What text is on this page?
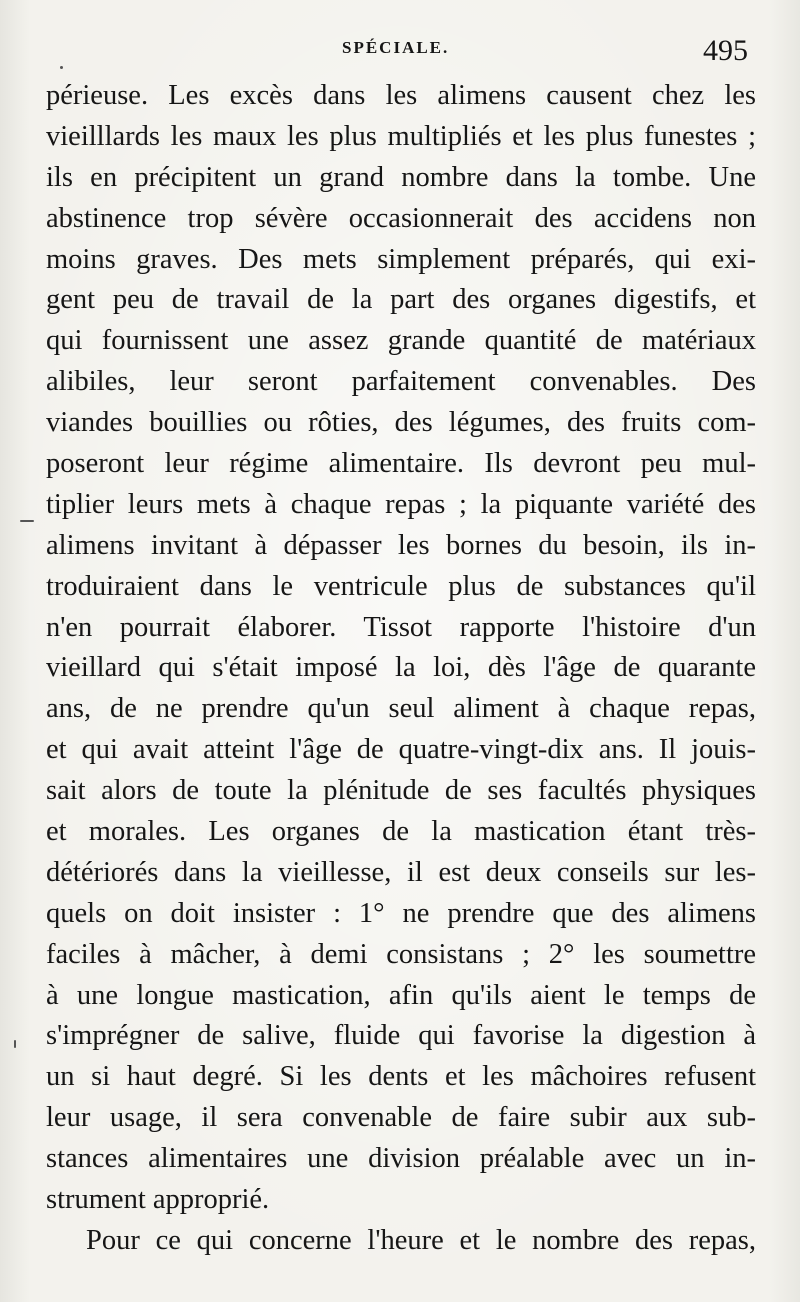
SPÉCIALE.	495
périeuse. Les excès dans les alimens causent chez les
vieilllards les maux les plus multipliés et les plus funestes ;
ils en précipitent un grand nombre dans la tombe. Une
abstinence trop sévère occasionnerait des accidens non
moins graves. Des mets simplement préparés, qui exi-
gent peu de travail de la part des organes digestifs, et
qui fournissent une assez grande quantité de matériaux
alibiles, leur seront parfaitement convenables. Des
viandes bouillies ou rôties, des légumes, des fruits com-
poseront leur régime alimentaire. Ils devront peu mul-
tiplier leurs mets à chaque repas ; la piquante variété des
alimens invitant à dépasser les bornes du besoin, ils in-
troduiraient dans le ventricule plus de substances qu'il
n'en pourrait élaborer. Tissot rapporte l'histoire d'un
vieillard qui s'était imposé la loi, dès l'âge de quarante
ans, de ne prendre qu'un seul aliment à chaque repas,
et qui avait atteint l'âge de quatre-vingt-dix ans. Il jouis-
sait alors de toute la plénitude de ses facultés physiques
et morales. Les organes de la mastication étant très-
détériorés dans la vieillesse, il est deux conseils sur les-
quels on doit insister : 1° ne prendre que des alimens
faciles à mâcher, à demi consistans ; 2° les soumettre
à une longue mastication, afin qu'ils aient le temps de
s'imprégner de salive, fluide qui favorise la digestion à
un si haut degré. Si les dents et les mâchoires refusent
leur usage, il sera convenable de faire subir aux sub-
stances alimentaires une division préalable avec un in-
strument approprié.
Pour ce qui concerne l'heure et le nombre des repas,
